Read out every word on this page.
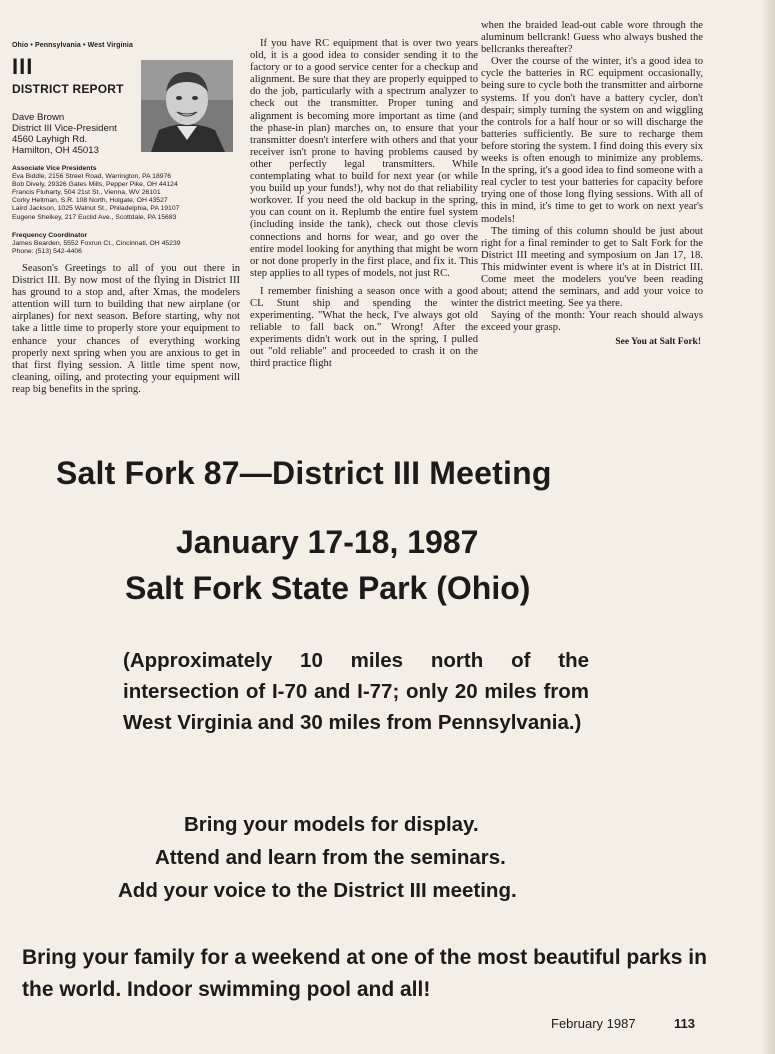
Ohio • Pennsylvania • West Virginia
III
DISTRICT REPORT
Dave Brown
District III Vice-President
4560 Layhigh Rd.
Hamilton, OH 45013
Associate Vice Presidents
Eva Biddle, 2156 Street Road, Warrington, PA 18976
Bob Dively, 29326 Gates Mills, Pepper Pike, OH 44124
Francis Fluharty, 504 21st St., Vienna, WV 26101
Corky Heltman, S.R. 108 North, Holgate, OH 43527
Laird Jackson, 1025 Walnut St., Philadelphia, PA 19107
Eugene Shelkey, 217 Euclid Ave., Scottdale, PA 15683
Frequency Coordinator
James Bearden, 5552 Foxrun Ct., Cincinnati, OH 45239
Phone: (513) 542-4406

Season's Greetings to all of you out there in District III. By now most of the flying in District III has ground to a stop and, after Xmas, the modelers attention will turn to building that new airplane (or airplanes) for next season. Before starting, why not take a little time to properly store your equipment to enhance your chances of everything working properly next spring when you are anxious to get in that first flying session. A little time spent now, cleaning, oiling, and protecting your equipment will reap big benefits in the spring.

If you have RC equipment that is over two years old, it is a good idea to consider sending it to the factory or to a good service center for a checkup and alignment. Be sure that they are properly equipped to do the job, particularly with a spectrum analyzer to check out the transmitter. Proper tuning and alignment is becoming more important as time (and the phase-in plan) marches on, to ensure that your transmitter doesn't interfere with others and that your receiver isn't prone to having problems caused by other perfectly legal transmitters. While contemplating what to build for next year (or while you build up your funds!), why not do that reliability workover. If you need the old backup in the spring, you can count on it. Replumb the entire fuel system (including inside the tank), check out those clevis connections and horns for wear, and go over the entire model looking for anything that might be worn or not done properly in the first place, and fix it. This step applies to all types of models, not just RC.

I remember finishing a season once with a good CL Stunt ship and spending the winter experimenting. "What the heck, I've always got old reliable to fall back on." Wrong! After the experiments didn't work out in the spring, I pulled out "old reliable" and proceeded to crash it on the third practice flight

when the braided lead-out cable wore through the aluminum bellcrank! Guess who always bushed the bellcranks thereafter?

Over the course of the winter, it's a good idea to cycle the batteries in RC equipment occasionally, being sure to cycle both the transmitter and airborne systems. If you don't have a battery cycler, don't despair; simply turning the system on and wiggling the controls for a half hour or so will discharge the batteries sufficiently. Be sure to recharge them before storing the system. I find doing this every six weeks is often enough to minimize any problems. In the spring, it's a good idea to find someone with a real cycler to test your batteries for capacity before trying one of those long flying sessions. With all of this in mind, it's time to get to work on next year's models!

The timing of this column should be just about right for a final reminder to get to Salt Fork for the District III meeting and symposium on Jan 17, 18. This midwinter event is where it's at in District III. Come meet the modelers you've been reading about; attend the seminars, and add your voice to the district meeting. See ya there.

Saying of the month: Your reach should always exceed your grasp.

See You at Salt Fork!

Salt Fork 87—District III Meeting
January 17-18, 1987
Salt Fork State Park (Ohio)
(Approximately 10 miles north of the intersection of I-70 and I-77; only 20 miles from West Virginia and 30 miles from Pennsylvania.)
Bring your models for display.
Attend and learn from the seminars.
Add your voice to the District III meeting.
Bring your family for a weekend at one of the most beautiful parks in the world. Indoor swimming pool and all!
February 1987	113
